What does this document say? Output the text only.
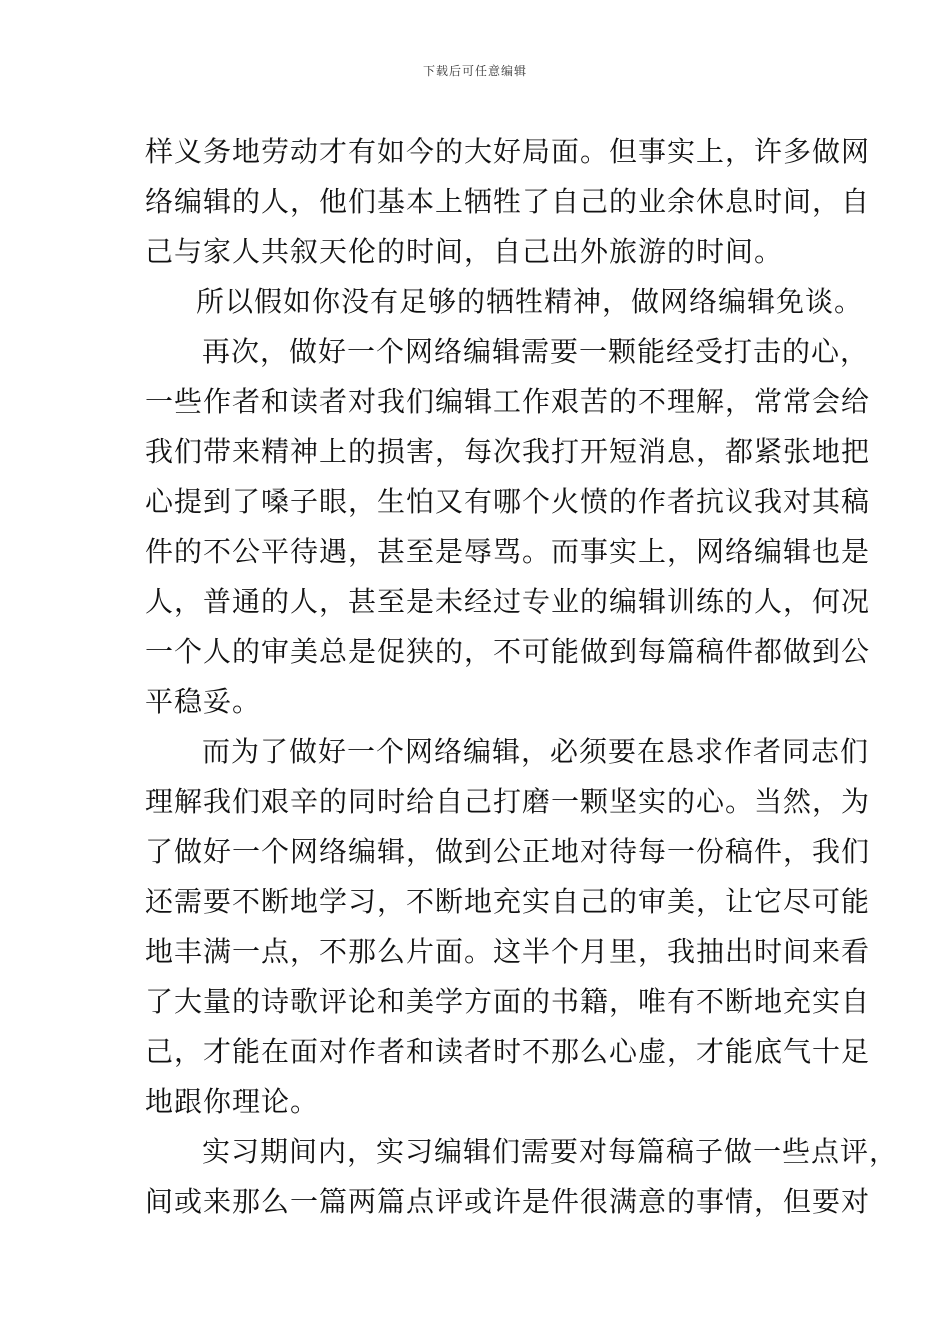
下载后可任意编辑
样义务地劳动才有如今的大好局面。但事实上，许多做网
络编辑的人，他们基本上牺牲了自己的业余休息时间，自
己与家人共叙天伦的时间，自己出外旅游的时间。
所以假如你没有足够的牺牲精神，做网络编辑免谈。
再次，做好一个网络编辑需要一颗能经受打击的心，
一些作者和读者对我们编辑工作艰苦的不理解，常常会给
我们带来精神上的损害，每次我打开短消息，都紧张地把
心提到了嗓子眼，生怕又有哪个火愤的作者抗议我对其稿
件的不公平待遇，甚至是辱骂。而事实上，网络编辑也是
人，普通的人，甚至是未经过专业的编辑训练的人，何况
一个人的审美总是促狭的，不可能做到每篇稿件都做到公
平稳妥。
而为了做好一个网络编辑，必须要在恳求作者同志们
理解我们艰辛的同时给自己打磨一颗坚实的心。当然，为
了做好一个网络编辑，做到公正地对待每一份稿件，我们
还需要不断地学习，不断地充实自己的审美，让它尽可能
地丰满一点，不那么片面。这半个月里，我抽出时间来看
了大量的诗歌评论和美学方面的书籍，唯有不断地充实自
己，才能在面对作者和读者时不那么心虚，才能底气十足
地跟你理论。
实习期间内，实习编辑们需要对每篇稿子做一些点评，
间或来那么一篇两篇点评或许是件很满意的事情，但要对
